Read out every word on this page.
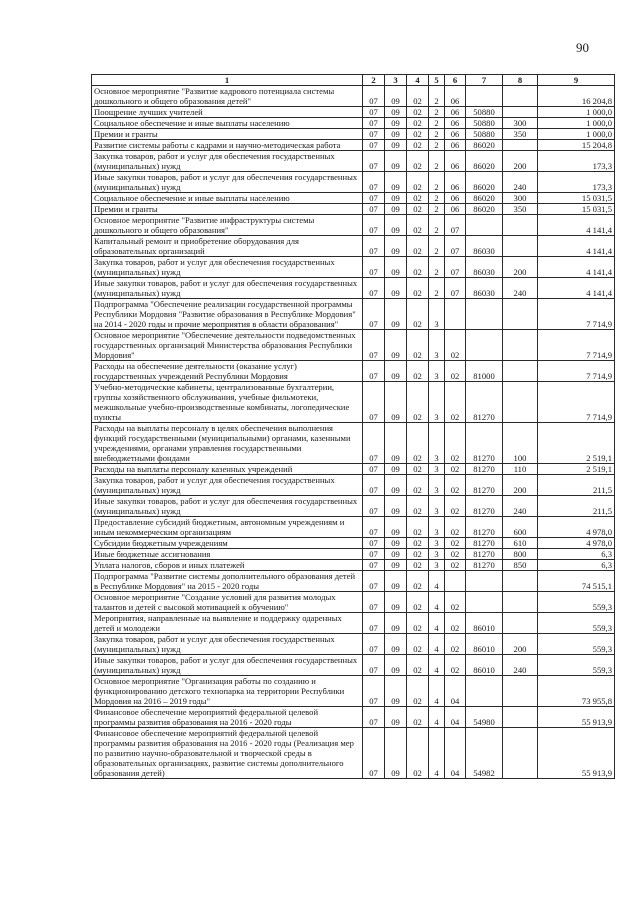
90
1	2	3	4	5	6	7	8	9
Основное мероприятие "Развитие кадрового потенциала системы дошкольного и общего образования детей"	07	09	02	2	06			16 204,8
Поощрение лучших учителей	07	09	02	2	06	50880		1 000,0
Социальное обеспечение и иные выплаты населению	07	09	02	2	06	50880	300	1 000,0
Премии и гранты	07	09	02	2	06	50880	350	1 000,0
Развитие системы работы с кадрами и научно-методическая работа	07	09	02	2	06	86020		15 204,8
Закупка товаров, работ и услуг для обеспечения государственных (муниципальных) нужд	07	09	02	2	06	86020	200	173,3
Иные закупки товаров, работ и услуг для обеспечения государственных (муниципальных) нужд	07	09	02	2	06	86020	240	173,3
Социальное обеспечение и иные выплаты населению	07	09	02	2	06	86020	300	15 031,5
Премии и гранты	07	09	02	2	06	86020	350	15 031,5
Основное мероприятие "Развитие инфраструктуры системы дошкольного и общего образования"	07	09	02	2	07			4 141,4
Капитальный ремонт и приобретение оборудования для образовательных организаций	07	09	02	2	07	86030		4 141,4
Закупка товаров, работ и услуг для обеспечения государственных (муниципальных) нужд	07	09	02	2	07	86030	200	4 141,4
Иные закупки товаров, работ и услуг для обеспечения государственных (муниципальных) нужд	07	09	02	2	07	86030	240	4 141,4
Подпрограмма "Обеспечение реализации государственной программы Республики Мордовия "Развитие образования в Республике Мордовия" на 2014 - 2020 годы и прочие мероприятия в области образования"	07	09	02	3				7 714,9
Основное мероприятие "Обеспечение деятельности подведомственных государственных организаций Министерства образования Республики Мордовия"	07	09	02	3	02			7 714,9
Расходы на обеспечение деятельности (оказание услуг) государственных учреждений Республики Мордовия	07	09	02	3	02	81000		7 714,9
Учебно-методические кабинеты, централизованные бухгалтерии, группы хозяйственного обслуживания, учебные фильмотеки, межшкольные учебно-производственные комбинаты, логопедические пункты	07	09	02	3	02	81270		7 714,9
Расходы на выплаты персоналу в целях обеспечения выполнения функций государственными (муниципальными) органами, казенными учреждениями, органами управления государственными внебюджетными фондами	07	09	02	3	02	81270	100	2 519,1
Расходы на выплаты персоналу казенных учреждений	07	09	02	3	02	81270	110	2 519,1
Закупка товаров, работ и услуг для обеспечения государственных (муниципальных) нужд	07	09	02	3	02	81270	200	211,5
Иные закупки товаров, работ и услуг для обеспечения государственных (муниципальных) нужд	07	09	02	3	02	81270	240	211,5
Предоставление субсидий бюджетным, автономным учреждениям и иным некоммерческим организациям	07	09	02	3	02	81270	600	4 978,0
Субсидии бюджетным учреждениям	07	09	02	3	02	81270	610	4 978,0
Иные бюджетные ассигнования	07	09	02	3	02	81270	800	6,3
Уплата налогов, сборов и иных платежей	07	09	02	3	02	81270	850	6,3
Подпрограмма "Развитие системы дополнительного образования детей в Республике Мордовия" на 2015 - 2020 годы	07	09	02	4				74 515,1
Основное мероприятие "Создание условий для развития молодых талантов и детей с высокой мотивацией к обучению"	07	09	02	4	02			559,3
Мероприятия, направленные на выявление и поддержку одаренных детей и молодежи	07	09	02	4	02	86010		559,3
Закупка товаров, работ и услуг для обеспечения государственных (муниципальных) нужд	07	09	02	4	02	86010	200	559,3
Иные закупки товаров, работ и услуг для обеспечения государственных (муниципальных) нужд	07	09	02	4	02	86010	240	559,3
Основное мероприятие "Организация работы по созданию и функционированию детского технопарка на территории Республики Мордовия на 2016 – 2019 годы"	07	09	02	4	04			73 955,8
Финансовое обеспечение мероприятий федеральной целевой программы развития образования на 2016 - 2020 годы	07	09	02	4	04	54980		55 913,9
Финансовое обеспечение мероприятий федеральной целевой программы развития образования на 2016 - 2020 годы (Реализация мер по развитию научно-образовательной и творческой среды в образовательных организациях, развитие системы дополнительного образования детей)	07	09	02	4	04	54982		55 913,9
